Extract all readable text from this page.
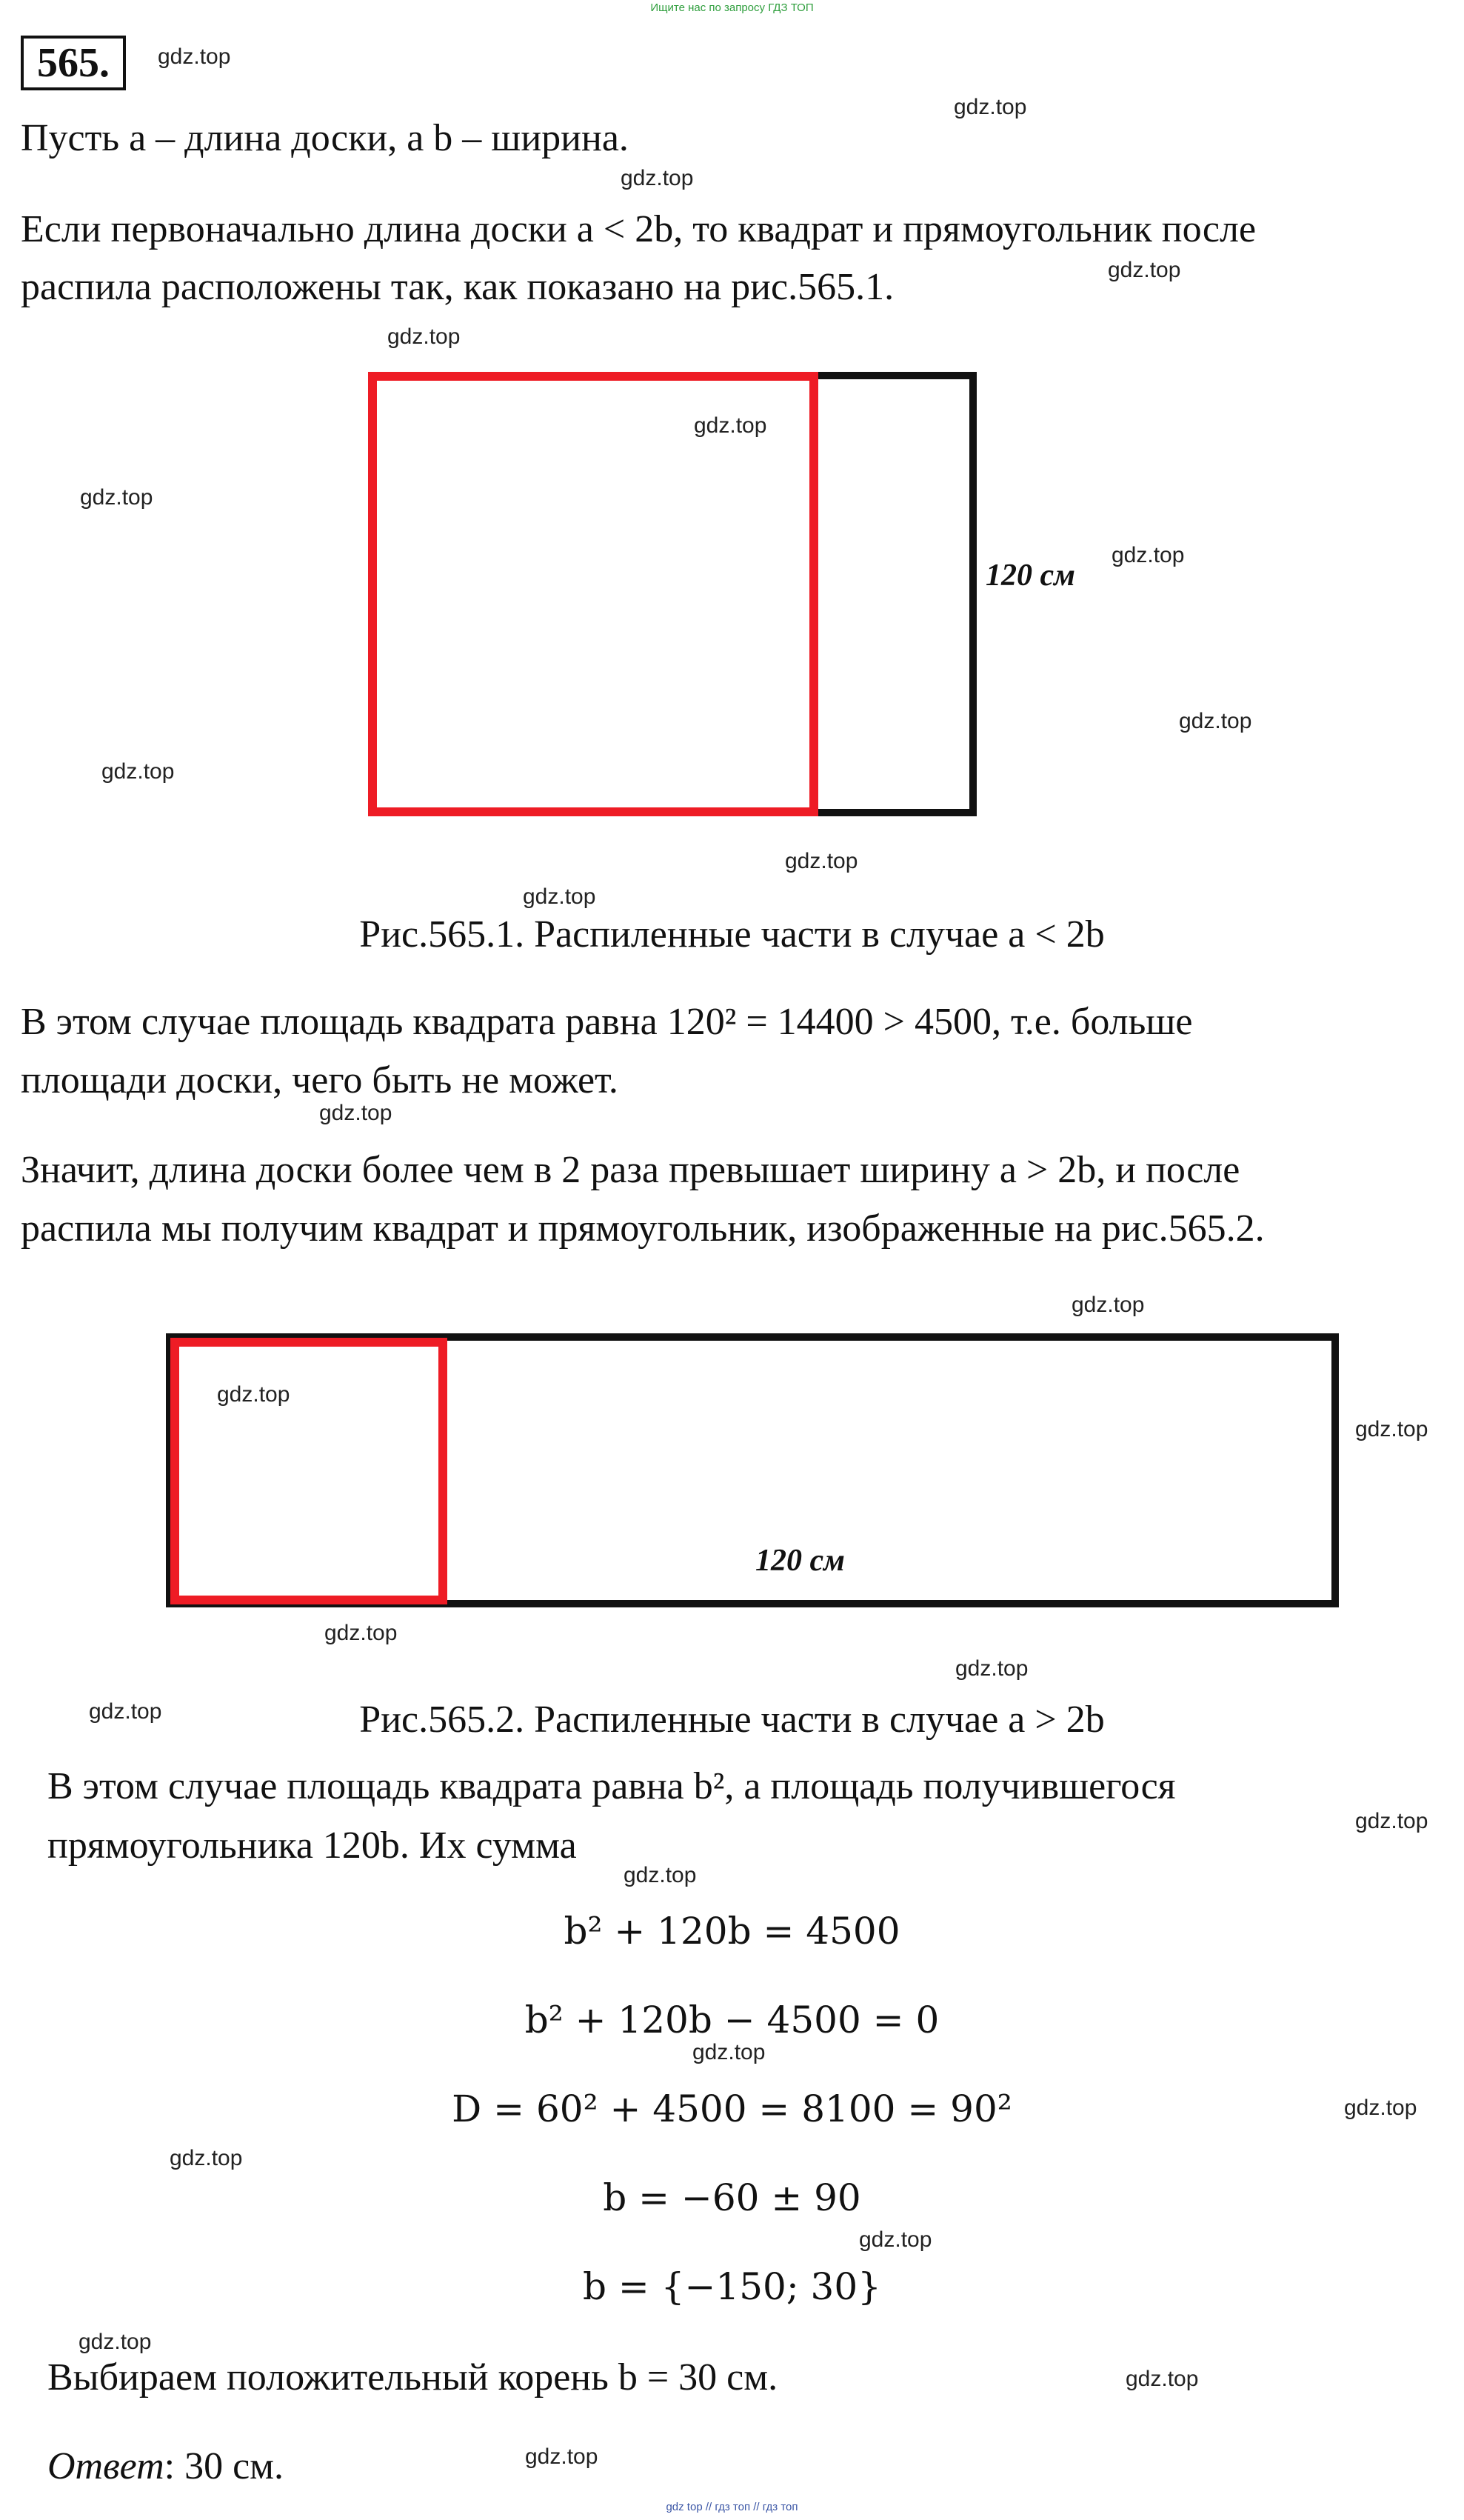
Ищите нас по запросу ГДЗ ТОП
565.
Пусть a – длина доски, а b – ширина.
Если первоначально длина доски a < 2b, то квадрат и прямоугольник после
распила расположены так, как показано на рис.565.1.
120 см
Рис.565.1. Распиленные части в случае a < 2b
В этом случае площадь квадрата равна 120² = 14400 > 4500, т.е. больше
площади доски, чего быть не может.
Значит, длина доски более чем в 2 раза превышает ширину a > 2b, и после
распила мы получим квадрат и прямоугольник, изображенные на рис.565.2.
120 см
Рис.565.2. Распиленные части в случае a > 2b
В этом случае площадь квадрата равна b², а площадь получившегося
прямоугольника 120b. Их сумма
b² + 120b = 4500
b² + 120b − 4500 = 0
D = 60² + 4500 = 8100 = 90²
b = −60 ± 90
b = {−150; 30}
Выбираем положительный корень b = 30 см.
Ответ: 30 см.
gdz.top
gdz.top
gdz.top
gdz.top
gdz.top
gdz.top
gdz.top
gdz.top
gdz.top
gdz.top
gdz.top
gdz.top
gdz.top
gdz.top
gdz.top
gdz.top
gdz.top
gdz.top
gdz.top
gdz.top
gdz.top
gdz.top
gdz.top
gdz.top
gdz.top
gdz.top
gdz.top
gdz.top
gdz top // гдз топ // гдз топ
